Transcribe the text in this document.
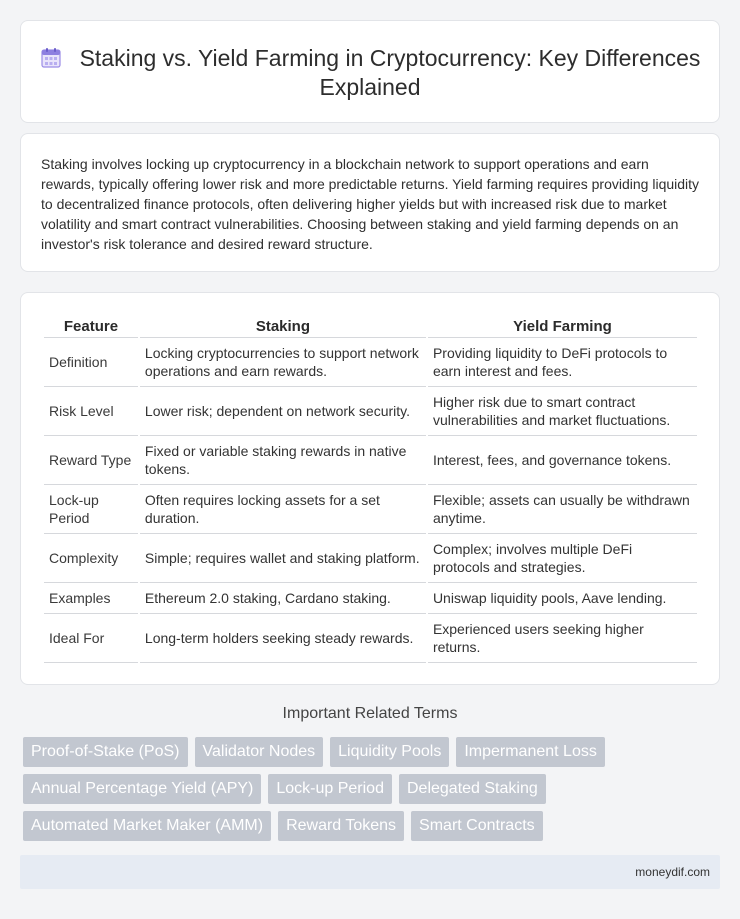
Staking vs. Yield Farming in Cryptocurrency: Key Differences Explained

Staking involves locking up cryptocurrency in a blockchain network to support operations and earn rewards, typically offering lower risk and more predictable returns. Yield farming requires providing liquidity to decentralized finance protocols, often delivering higher yields but with increased risk due to market volatility and smart contract vulnerabilities. Choosing between staking and yield farming depends on an investor's risk tolerance and desired reward structure.

Feature	Staking	Yield Farming
Definition	Locking cryptocurrencies to support network operations and earn rewards.	Providing liquidity to DeFi protocols to earn interest and fees.
Risk Level	Lower risk; dependent on network security.	Higher risk due to smart contract vulnerabilities and market fluctuations.
Reward Type	Fixed or variable staking rewards in native tokens.	Interest, fees, and governance tokens.
Lock-up Period	Often requires locking assets for a set duration.	Flexible; assets can usually be withdrawn anytime.
Complexity	Simple; requires wallet and staking platform.	Complex; involves multiple DeFi protocols and strategies.
Examples	Ethereum 2.0 staking, Cardano staking.	Uniswap liquidity pools, Aave lending.
Ideal For	Long-term holders seeking steady rewards.	Experienced users seeking higher returns.
Important Related Terms
Proof-of-Stake (PoS)	Validator Nodes	Liquidity Pools	Impermanent Loss
Annual Percentage Yield (APY)	Lock-up Period	Delegated Staking
Automated Market Maker (AMM)	Reward Tokens	Smart Contracts
moneydif.com
